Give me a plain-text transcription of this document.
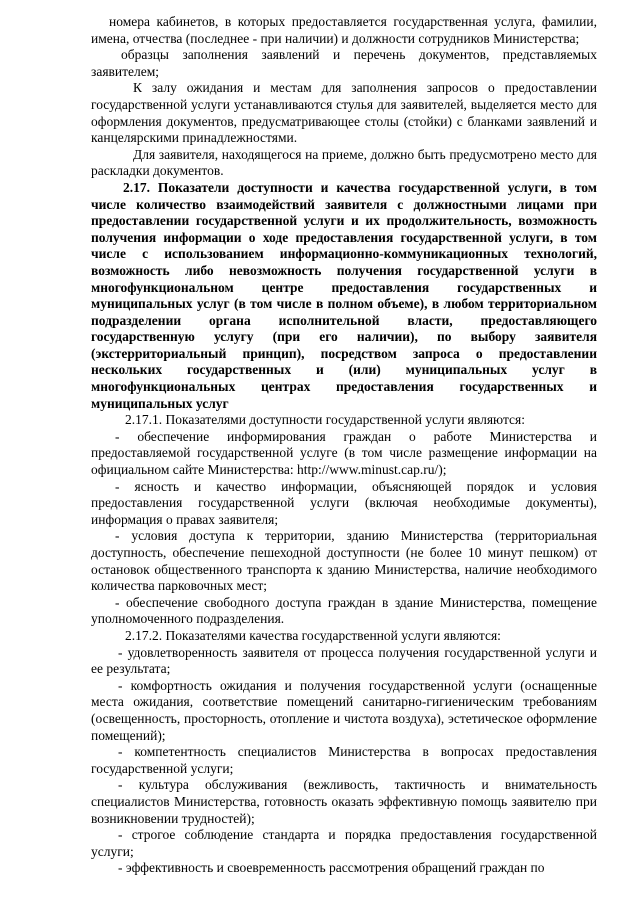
номера кабинетов, в которых предоставляется государственная услуга, фамилии, имена, отчества (последнее - при наличии) и должности сотрудников Министерства;

образцы заполнения заявлений и перечень документов, представляемых заявителем;

К залу ожидания и местам для заполнения запросов о предоставлении государственной услуги устанавливаются стулья для заявителей, выделяется место для оформления документов, предусматривающее столы (стойки) с бланками заявлений и канцелярскими принадлежностями.

Для заявителя, находящегося на приеме, должно быть предусмотрено место для раскладки документов.

2.17. Показатели доступности и качества государственной услуги, в том числе количество взаимодействий заявителя с должностными лицами при предоставлении государственной услуги и их продолжительность, возможность получения информации о ходе предоставления государственной услуги, в том числе с использованием информационно-коммуникационных технологий, возможность либо невозможность получения государственной услуги в многофункциональном центре предоставления государственных и муниципальных услуг (в том числе в полном объеме), в любом территориальном подразделении органа исполнительной власти, предоставляющего государственную услугу (при его наличии), по выбору заявителя (экстерриториальный принцип), посредством запроса о предоставлении нескольких государственных и (или) муниципальных услуг в многофункциональных центрах предоставления государственных и муниципальных услуг

2.17.1. Показателями доступности государственной услуги являются:

- обеспечение информирования граждан о работе Министерства и предоставляемой государственной услуге (в том числе размещение информации на официальном сайте Министерства: http://www.minust.cap.ru/);

- ясность и качество информации, объясняющей порядок и условия предоставления государственной услуги (включая необходимые документы), информация о правах заявителя;

- условия доступа к территории, зданию Министерства (территориальная доступность, обеспечение пешеходной доступности (не более 10 минут пешком) от остановок общественного транспорта к зданию Министерства, наличие необходимого количества парковочных мест;

- обеспечение свободного доступа граждан в здание Министерства, помещение уполномоченного подразделения.

2.17.2. Показателями качества государственной услуги являются:

- удовлетворенность заявителя от процесса получения государственной услуги и ее результата;

- комфортность ожидания и получения государственной услуги (оснащенные места ожидания, соответствие помещений санитарно-гигиеническим требованиям (освещенность, просторность, отопление и чистота воздуха), эстетическое оформление помещений);

- компетентность специалистов Министерства в вопросах предоставления государственной услуги;

- культура обслуживания (вежливость, тактичность и внимательность специалистов Министерства, готовность оказать эффективную помощь заявителю при возникновении трудностей);

- строгое соблюдение стандарта и порядка предоставления государственной услуги;

- эффективность и своевременность рассмотрения обращений граждан по
